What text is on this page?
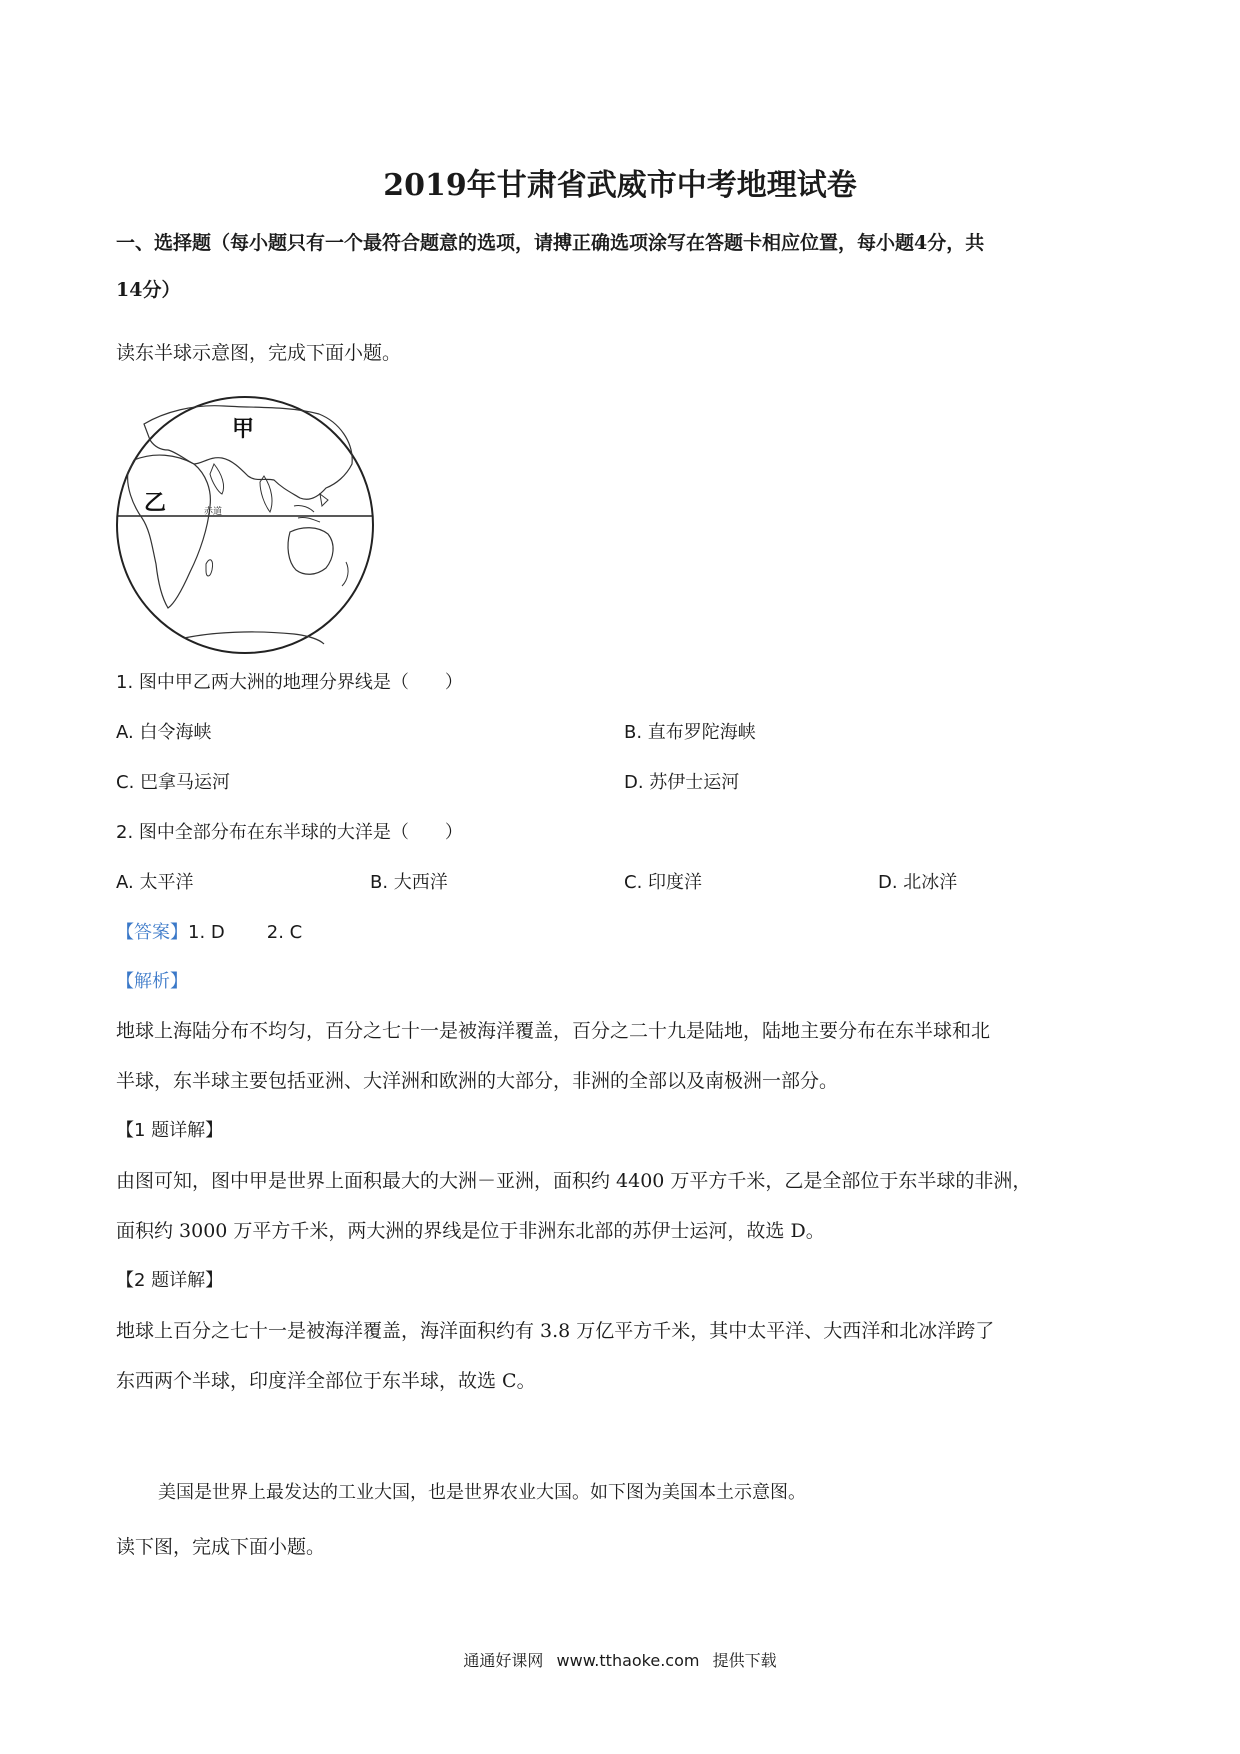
2019年甘肃省武威市中考地理试卷
一、选择题（每小题只有一个最符合题意的选项，请搏正确选项涂写在答题卡相应位置，每小题4分，共
14分）
读东半球示意图，完成下面小题。
甲
乙	赤道
1. 图中甲乙两大洲的地理分界线是（　　）
A. 白令海峡	B. 直布罗陀海峡
C. 巴拿马运河	D. 苏伊士运河
2. 图中全部分布在东半球的大洋是（　　）
A. 太平洋	B. 大西洋	C. 印度洋	D. 北冰洋
【答案】1. D 2. C
【解析】
地球上海陆分布不均匀，百分之七十一是被海洋覆盖，百分之二十九是陆地，陆地主要分布在东半球和北
半球，东半球主要包括亚洲、大洋洲和欧洲的大部分，非洲的全部以及南极洲一部分。
【1 题详解】
由图可知，图中甲是世界上面积最大的大洲－亚洲，面积约 4400 万平方千米，乙是全部位于东半球的非洲，
面积约 3000 万平方千米，两大洲的界线是位于非洲东北部的苏伊士运河，故选 D。
【2 题详解】
地球上百分之七十一是被海洋覆盖，海洋面积约有 3.8 万亿平方千米，其中太平洋、大西洋和北冰洋跨了
东西两个半球，印度洋全部位于东半球，故选 C。
美国是世界上最发达的工业大国，也是世界农业大国。如下图为美国本土示意图。
读下图，完成下面小题。
通通好课网 www.tthaoke.com 提供下载
